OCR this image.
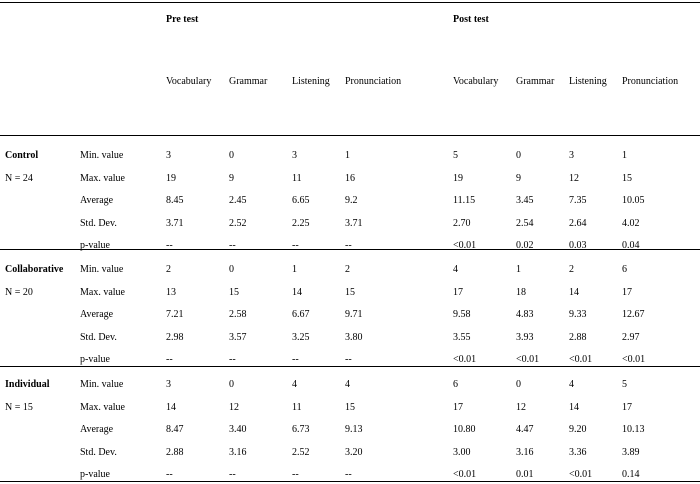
Pre test	Post test
Vocabulary Grammar Listening Pronunciation	Vocabulary Grammar Listening Pronunciation
Control
N = 24
Min. value	3	0	3	1	5	0	3	1
Max. value	19	9	11	16	19	9	12	15
Average	8.45	2.45	6.65	9.2	11.15	3.45	7.35	10.05
Std. Dev.	3.71	2.52	2.25	3.71	2.70	2.54	2.64	4.02
p-value	--	--	--	--	<0.01	0.02	0.03	0.04
Collaborative
N = 20
Min. value	2	0	1	2	4	1	2	6
Max. value	13	15	14	15	17	18	14	17
Average	7.21	2.58	6.67	9.71	9.58	4.83	9.33	12.67
Std. Dev.	2.98	3.57	3.25	3.80	3.55	3.93	2.88	2.97
p-value	--	--	--	--	<0.01	<0.01	<0.01	<0.01
Individual
N = 15
Min. value	3	0	4	4	6	0	4	5
Max. value	14	12	11	15	17	12	14	17
Average	8.47	3.40	6.73	9.13	10.80	4.47	9.20	10.13
Std. Dev.	2.88	3.16	2.52	3.20	3.00	3.16	3.36	3.89
p-value	--	--	--	--	<0.01	0.01	<0.01	0.14
